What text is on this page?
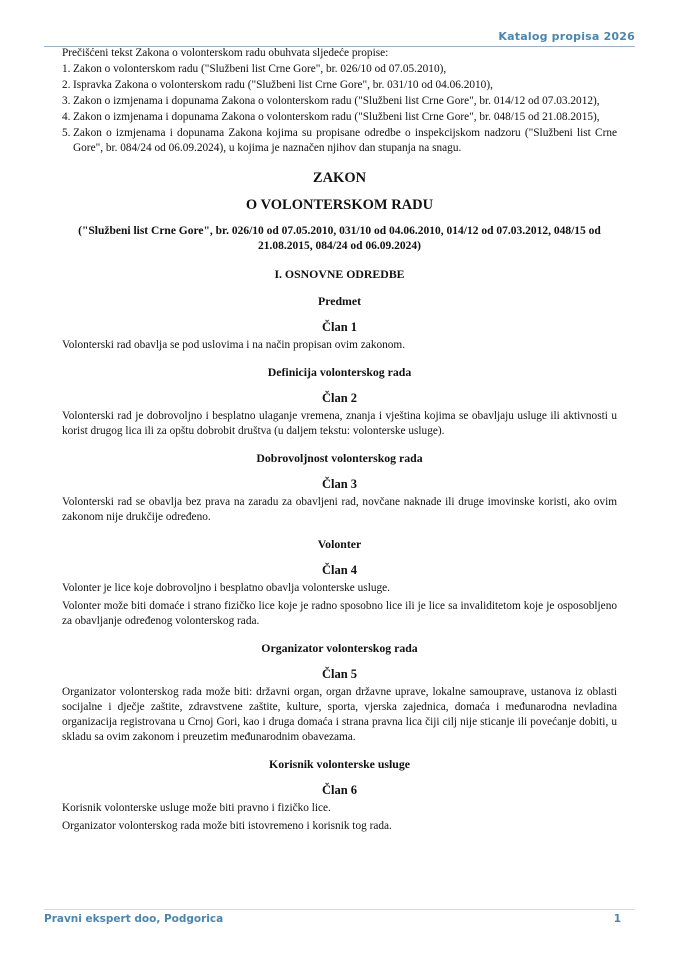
Katalog propisa 2026

Prečišćeni tekst Zakona o volonterskom radu obuhvata sljedeće propise:

1. Zakon o volonterskom radu ("Službeni list Crne Gore", br. 026/10 od 07.05.2010),
2. Ispravka Zakona o volonterskom radu ("Službeni list Crne Gore", br. 031/10 od 04.06.2010),
3. Zakon o izmjenama i dopunama Zakona o volonterskom radu ("Službeni list Crne Gore", br. 014/12 od 07.03.2012),
4. Zakon o izmjenama i dopunama Zakona o volonterskom radu ("Službeni list Crne Gore", br. 048/15 od 21.08.2015),
5. Zakon o izmjenama i dopunama Zakona kojima su propisane odredbe o inspekcijskom nadzoru ("Službeni list Crne Gore", br. 084/24 od 06.09.2024), u kojima je naznačen njihov dan stupanja na snagu.
ZAKON
O VOLONTERSKOM RADU
("Službeni list Crne Gore", br. 026/10 od 07.05.2010, 031/10 od 04.06.2010, 014/12 od 07.03.2012, 048/15 od 21.08.2015, 084/24 od 06.09.2024)
I. OSNOVNE ODREDBE
Predmet
Član 1

Volonterski rad obavlja se pod uslovima i na način propisan ovim zakonom.

Definicija volonterskog rada
Član 2

Volonterski rad je dobrovoljno i besplatno ulaganje vremena, znanja i vještina kojima se obavljaju usluge ili aktivnosti u korist drugog lica ili za opštu dobrobit društva (u daljem tekstu: volonterske usluge).

Dobrovoljnost volonterskog rada
Član 3

Volonterski rad se obavlja bez prava na zaradu za obavljeni rad, novčane naknade ili druge imovinske koristi, ako ovim zakonom nije drukčije određeno.

Volonter
Član 4

Volonter je lice koje dobrovoljno i besplatno obavlja volonterske usluge.

Volonter može biti domaće i strano fizičko lice koje je radno sposobno lice ili je lice sa invaliditetom koje je osposobljeno za obavljanje određenog volonterskog rada.

Organizator volonterskog rada
Član 5

Organizator volonterskog rada može biti: državni organ, organ državne uprave, lokalne samouprave, ustanova iz oblasti socijalne i dječje zaštite, zdravstvene zaštite, kulture, sporta, vjerska zajednica, domaća i međunarodna nevladina organizacija registrovana u Crnoj Gori, kao i druga domaća i strana pravna lica čiji cilj nije sticanje ili povećanje dobiti, u skladu sa ovim zakonom i preuzetim međunarodnim obavezama.

Korisnik volonterske usluge
Član 6

Korisnik volonterske usluge može biti pravno i fizičko lice.

Organizator volonterskog rada može biti istovremeno i korisnik tog rada.

Pravni ekspert doo, Podgorica	1
